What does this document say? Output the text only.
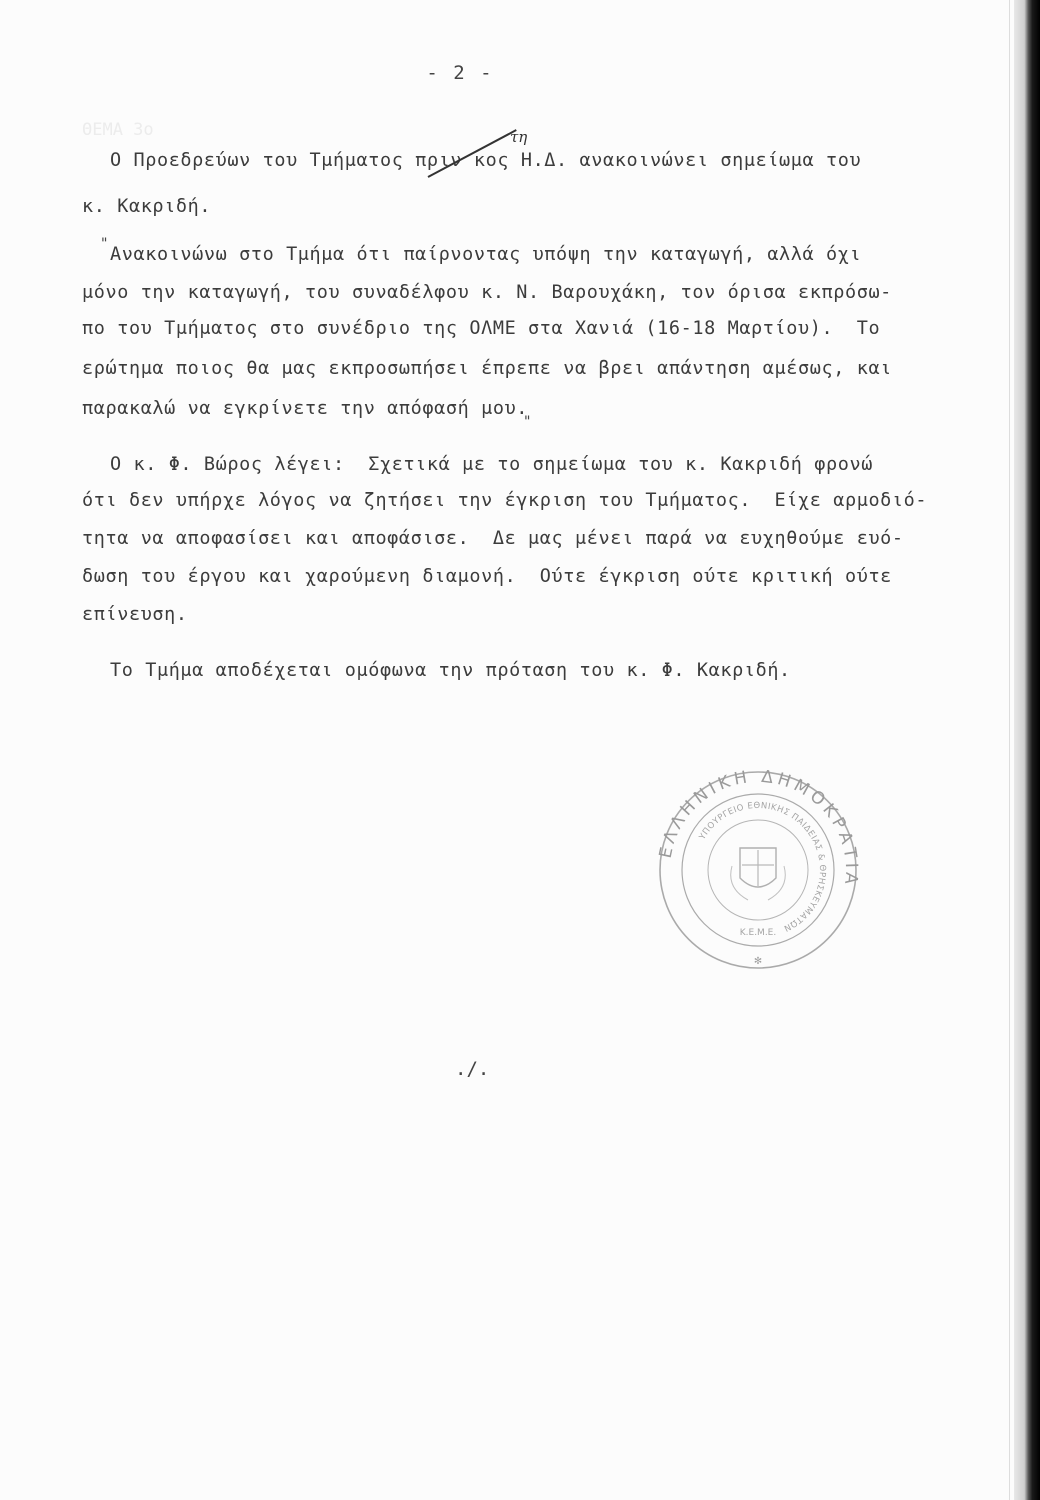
ΘΕΜΑ 3ο
- 2 -
Ο Προεδρεύων του Τμήματος πριν κος Η.Δ. ανακοινώνει σημείωμα του
τη
κ. Κακριδή.
" Ανακοινώνω στο Τμήμα ότι παίρνοντας υπόψη την καταγωγή, αλλά όχι
μόνο την καταγωγή, του συναδέλφου κ. Ν. Βαρουχάκη, τον όρισα εκπρόσω-
πο του Τμήματος στο συνέδριο της ΟΛΜΕ στα Χανιά (16-18 Μαρτίου).  Το
ερώτημα ποιος θα μας εκπροσωπήσει έπρεπε να βρει απάντηση αμέσως, και
παρακαλώ να εγκρίνετε την απόφασή μου.
"
Ο κ. Φ. Βώρος λέγει:  Σχετικά με το σημείωμα του κ. Κακριδή φρονώ
ότι δεν υπήρχε λόγος να ζητήσει την έγκριση του Τμήματος.  Είχε αρμοδιό-
τητα να αποφασίσει και αποφάσισε.  Δε μας μένει παρά να ευχηθούμε ευό-
δωση του έργου και χαρούμενη διαμονή.  Ούτε έγκριση ούτε κριτική ούτε
επίνευση.
Το Τμήμα αποδέχεται ομόφωνα την πρόταση του κ. Φ. Κακριδή.
ΕΛΛΗΝΙΚΗ ΔΗΜΟΚΡΑΤΙΑ
ΥΠΟΥΡΓΕΙΟ ΕΘΝΙΚΗΣ ΠΑΙΔΕΙΑΣ & ΘΡΗΣΚΕΥΜΑΤΩΝ
Κ.Ε.Μ.Ε.
✻
./.
